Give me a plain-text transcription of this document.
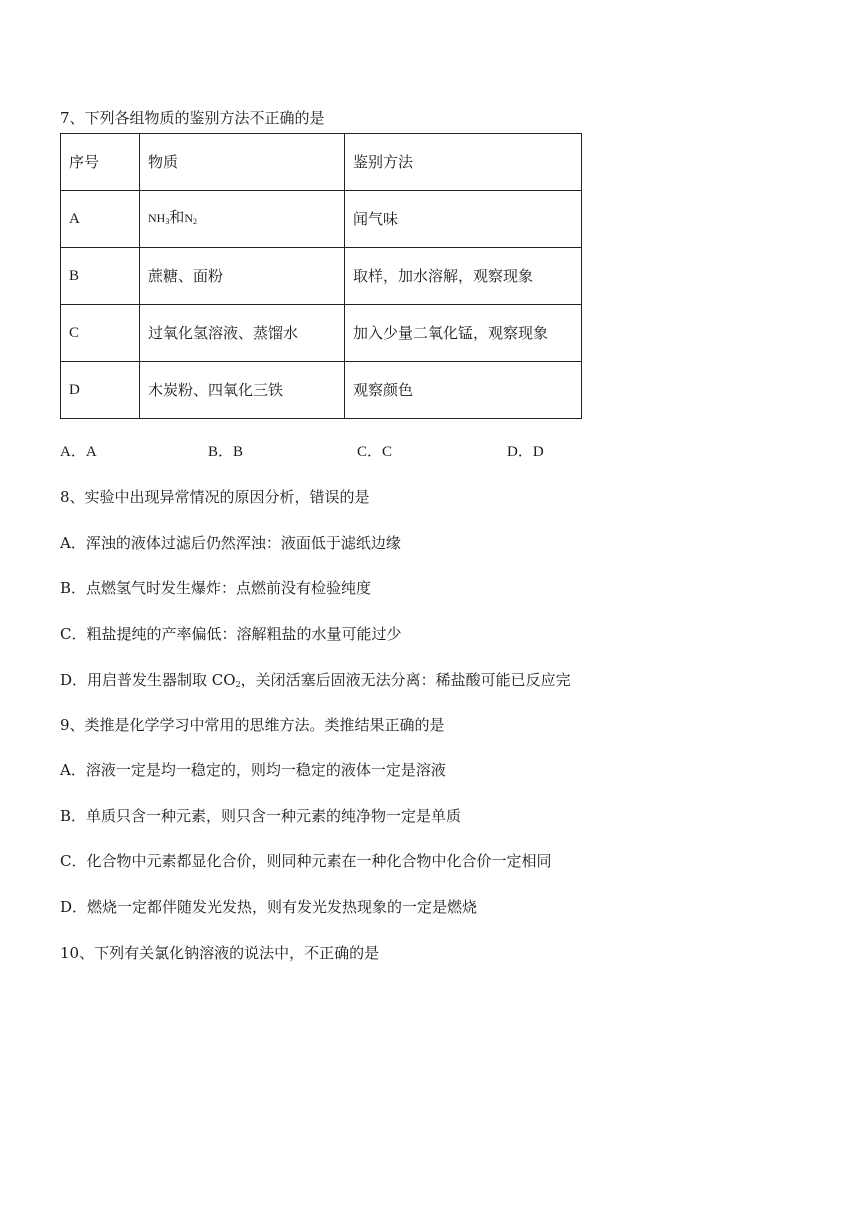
7、下列各组物质的鉴别方法不正确的是
序号	物质	鉴别方法
A	$NH_3$和$N_2$	闻气味
B	蔗糖、面粉	取样，加水溶解，观察现象
C	过氧化氢溶液、蒸馏水	加入少量二氧化锰，观察现象
D	木炭粉、四氧化三铁	观察颜色
A．A	B．B	C．C	D．D
8、实验中出现异常情况的原因分析，错误的是
A．浑浊的液体过滤后仍然浑浊：液面低于滤纸边缘
B．点燃氢气时发生爆炸：点燃前没有检验纯度
C．粗盐提纯的产率偏低：溶解粗盐的水量可能过少
D．用启普发生器制取 $CO_2$，关闭活塞后固液无法分离：稀盐酸可能已反应完
9、类推是化学学习中常用的思维方法。类推结果正确的是
A．溶液一定是均一稳定的，则均一稳定的液体一定是溶液
B．单质只含一种元素，则只含一种元素的纯净物一定是单质
C．化合物中元素都显化合价，则同种元素在一种化合物中化合价一定相同
D．燃烧一定都伴随发光发热，则有发光发热现象的一定是燃烧
10、下列有关氯化钠溶液的说法中，不正确的是
